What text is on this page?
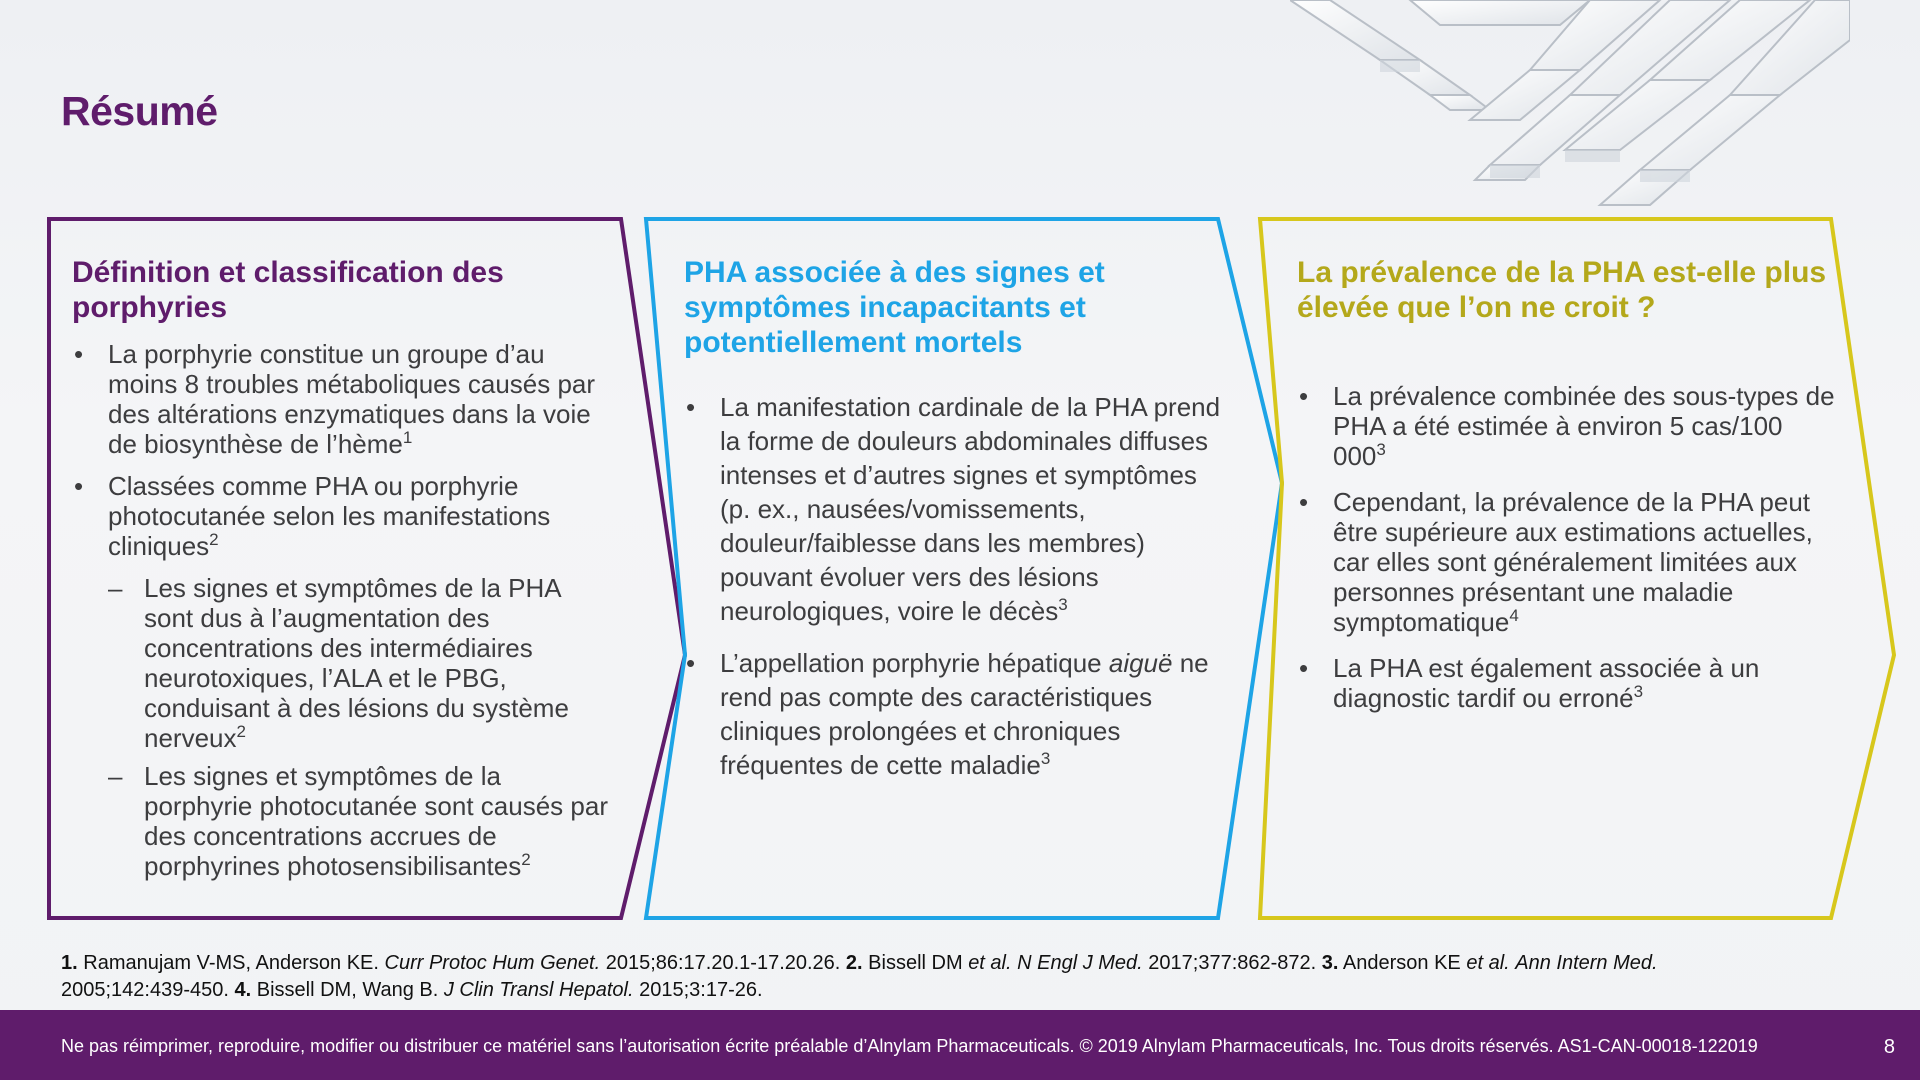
Résumé
Définition et classification des porphyries
• La porphyrie constitue un groupe d’au moins 8 troubles métaboliques causés par des altérations enzymatiques dans la voie de biosynthèse de l’hème$^1$
• Classées comme PHA ou porphyrie photocutanée selon les manifestations cliniques$^2$
– Les signes et symptômes de la PHA sont dus à l’augmentation des concentrations des intermédiaires neurotoxiques, l’ALA et le PBG, conduisant à des lésions du système nerveux$^2$
– Les signes et symptômes de la porphyrie photocutanée sont causés par des concentrations accrues de porphyrines photosensibilisantes$^2$
PHA associée à des signes et symptômes incapacitants et potentiellement mortels
• La manifestation cardinale de la PHA prend la forme de douleurs abdominales diffuses intenses et d’autres signes et symptômes (p. ex., nausées/vomissements, douleur/faiblesse dans les membres) pouvant évoluer vers des lésions neurologiques, voire le décès$^3$
• L’appellation porphyrie hépatique aiguë ne rend pas compte des caractéristiques cliniques prolongées et chroniques fréquentes de cette maladie$^3$
La prévalence de la PHA est-elle plus élevée que l’on ne croit ?
• La prévalence combinée des sous-types de PHA a été estimée à environ 5 cas/100 $000^3$
• Cependant, la prévalence de la PHA peut être supérieure aux estimations actuelles, car elles sont généralement limitées aux personnes présentant une maladie symptomatique$^4$
• La PHA est également associée à un diagnostic tardif ou erroné$^3$
1. Ramanujam V-MS, Anderson KE. Curr Protoc Hum Genet. 2015;86:17.20.1-17.20.26. 2. Bissell DM et al. N Engl J Med. 2017;377:862-872. 3. Anderson KE et al. Ann Intern Med. 2005;142:439-450. 4. Bissell DM, Wang B. J Clin Transl Hepatol. 2015;3:17-26.
Ne pas réimprimer, reproduire, modifier ou distribuer ce matériel sans l’autorisation écrite préalable d’Alnylam Pharmaceuticals. © 2019 Alnylam Pharmaceuticals, Inc. Tous droits réservés. AS1-CAN-00018-122019	8
